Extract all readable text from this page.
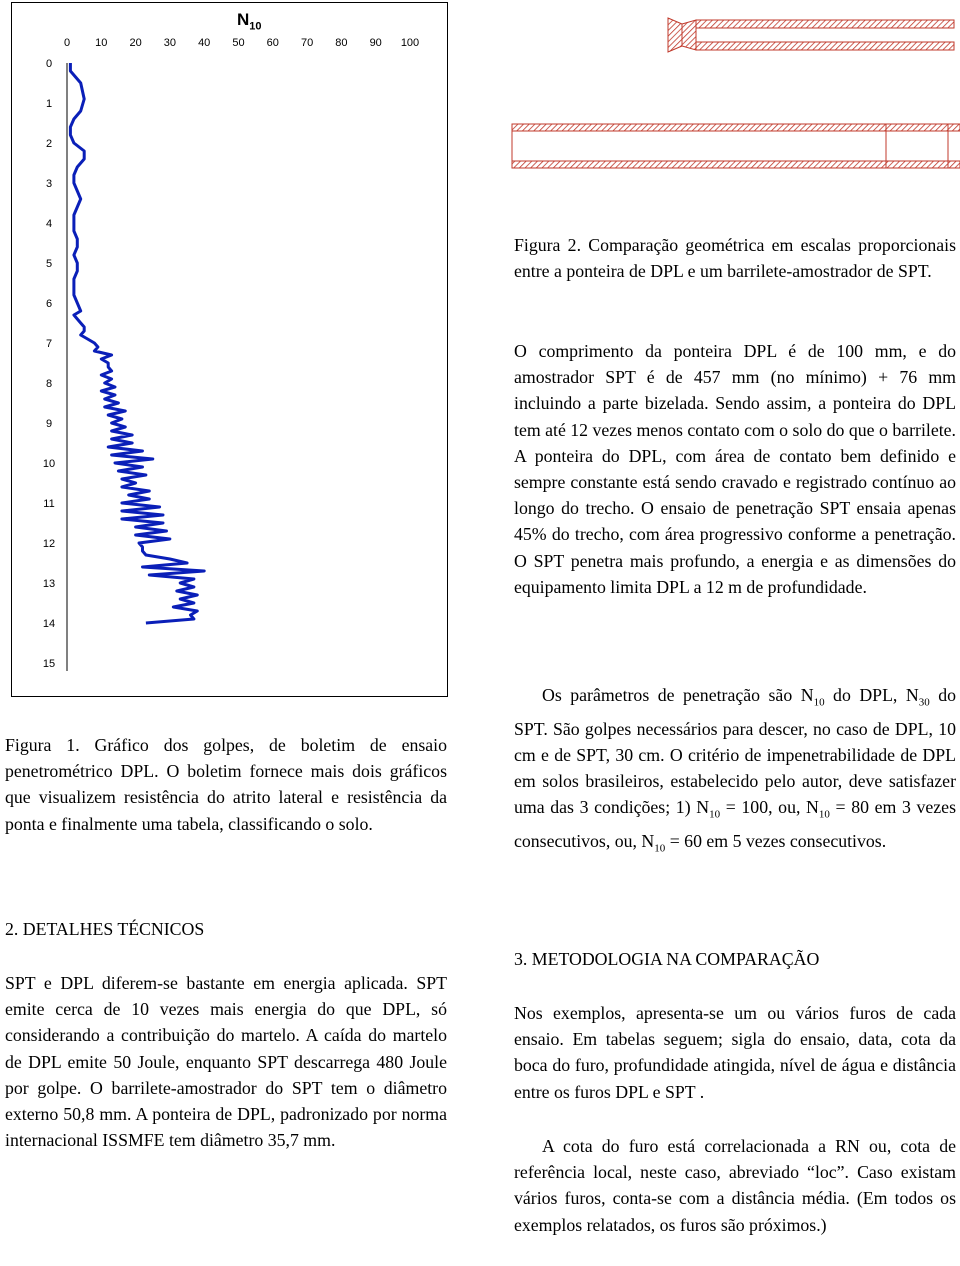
$N_{10}$
0 10 20 30 40 50 60 70 80 90 100
0
1
2
3
4
5
6
7
8
9
10
11
12
13
14
15

Figura 1. Gráfico dos golpes, de boletim de ensaio penetrométrico DPL. O boletim fornece mais dois gráficos que visualizem resistência do atrito lateral e resistência da ponta e finalmente uma tabela, classificando o solo.

2. DETALHES TÉCNICOS

SPT e DPL diferem-se bastante em energia aplicada. SPT emite cerca de 10 vezes mais energia do que DPL, só considerando a contribuição do martelo. A caída do martelo de DPL emite 50 Joule, enquanto SPT descarrega 480 Joule por golpe. O barrilete-amostrador do SPT tem o diâmetro externo 50,8 mm. A ponteira de DPL, padronizado por norma internacional ISSMFE tem diâmetro 35,7 mm.

Figura 2. Comparação geométrica em escalas proporcionais entre a ponteira de DPL e um barrilete-amostrador de SPT.

O comprimento da ponteira DPL é de 100 mm, e do amostrador SPT é de 457 mm (no mínimo) + 76 mm incluindo a parte bizelada. Sendo assim, a ponteira do DPL tem até 12 vezes menos contato com o solo do que o barrilete. A ponteira do DPL, com área de contato bem definido e sempre constante está sendo cravado e registrado contínuo ao longo do trecho. O ensaio de penetração SPT ensaia apenas 45% do trecho, com área progressivo conforme a penetração. O SPT penetra mais profundo, a energia e as dimensões do equipamento limita DPL a 12 m de profundidade.

Os parâmetros de penetração são $N_{10}$ do DPL, $N_{30}$ do SPT. São golpes necessários para descer, no caso de DPL, 10 cm e de SPT, 30 cm. O critério de impenetrabilidade de DPL em solos brasileiros, estabelecido pelo autor, deve satisfazer uma das 3 condições; 1) $N_{10} = 100$, ou, $N_{10} = 80$ em 3 vezes consecutivos, ou, $N_{10} = 60$ em 5 vezes consecutivos.

3. METODOLOGIA NA COMPARAÇÃO

Nos exemplos, apresenta-se um ou vários furos de cada ensaio. Em tabelas seguem; sigla do ensaio, data, cota da boca do furo, profundidade atingida, nível de água e distância entre os furos DPL e SPT .

A cota do furo está correlacionada a RN ou, cota de referência local, neste caso, abreviado “loc”. Caso existam vários furos, conta-se com a distância média. (Em todos os exemplos relatados, os furos são próximos.)
